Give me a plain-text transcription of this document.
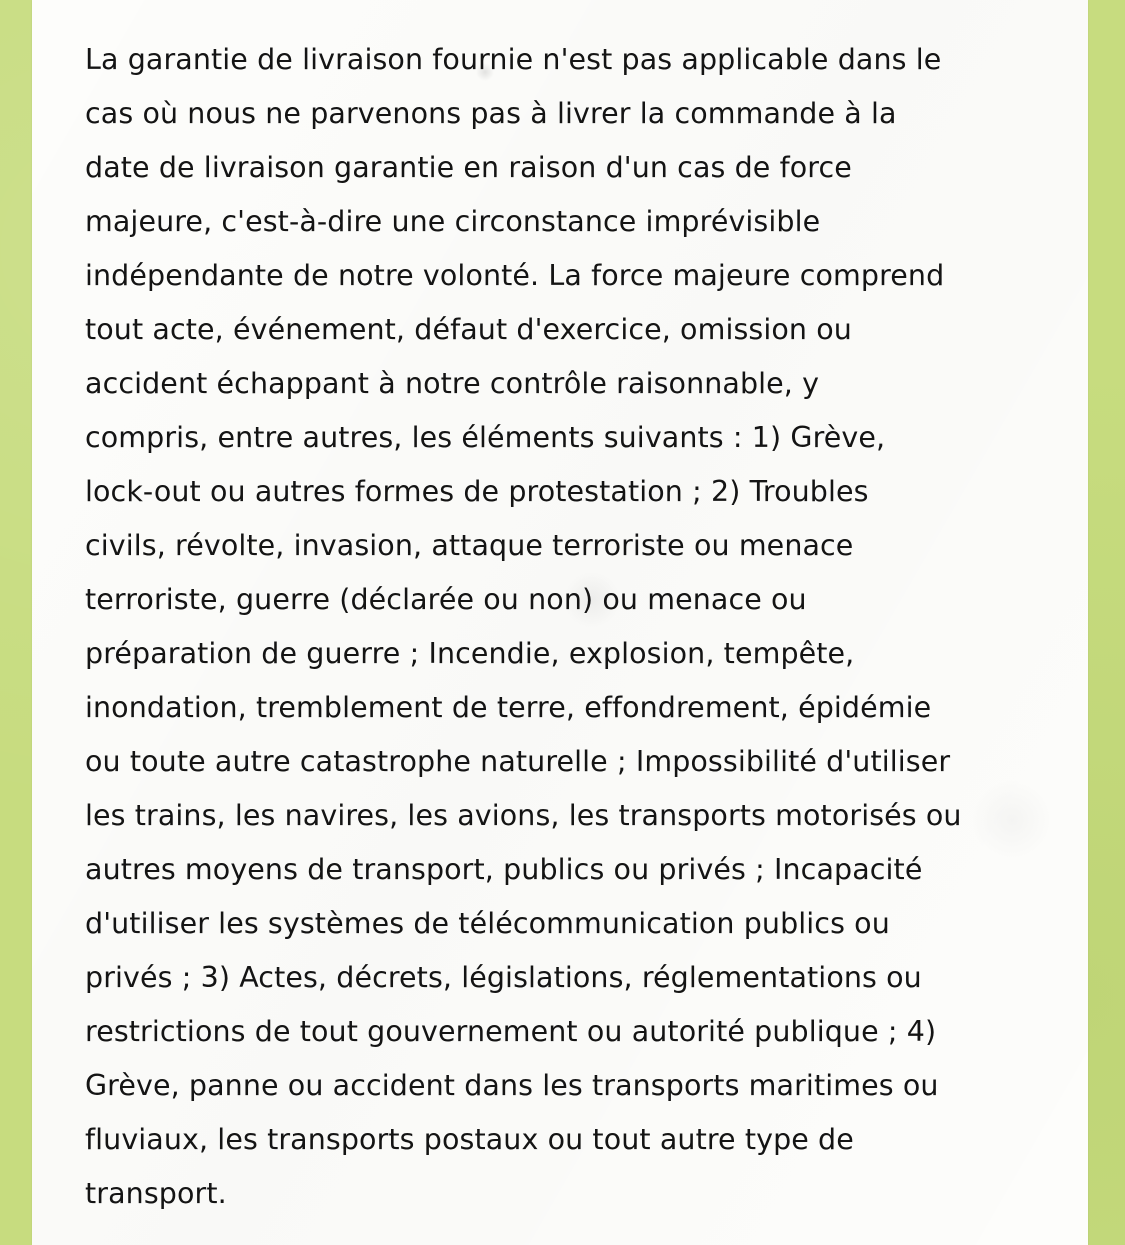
La garantie de livraison fournie n'est pas applicable dans le
cas où nous ne parvenons pas à livrer la commande à la
date de livraison garantie en raison d'un cas de force
majeure, c'est-à-dire une circonstance imprévisible
indépendante de notre volonté. La force majeure comprend
tout acte, événement, défaut d'exercice, omission ou
accident échappant à notre contrôle raisonnable, y
compris, entre autres, les éléments suivants : 1) Grève,
lock-out ou autres formes de protestation ; 2) Troubles
civils, révolte, invasion, attaque terroriste ou menace
terroriste, guerre (déclarée ou non) ou menace ou
préparation de guerre ; Incendie, explosion, tempête,
inondation, tremblement de terre, effondrement, épidémie
ou toute autre catastrophe naturelle ; Impossibilité d'utiliser
les trains, les navires, les avions, les transports motorisés ou
autres moyens de transport, publics ou privés ; Incapacité
d'utiliser les systèmes de télécommunication publics ou
privés ; 3) Actes, décrets, législations, réglementations ou
restrictions de tout gouvernement ou autorité publique ; 4)
Grève, panne ou accident dans les transports maritimes ou
fluviaux, les transports postaux ou tout autre type de
transport.
